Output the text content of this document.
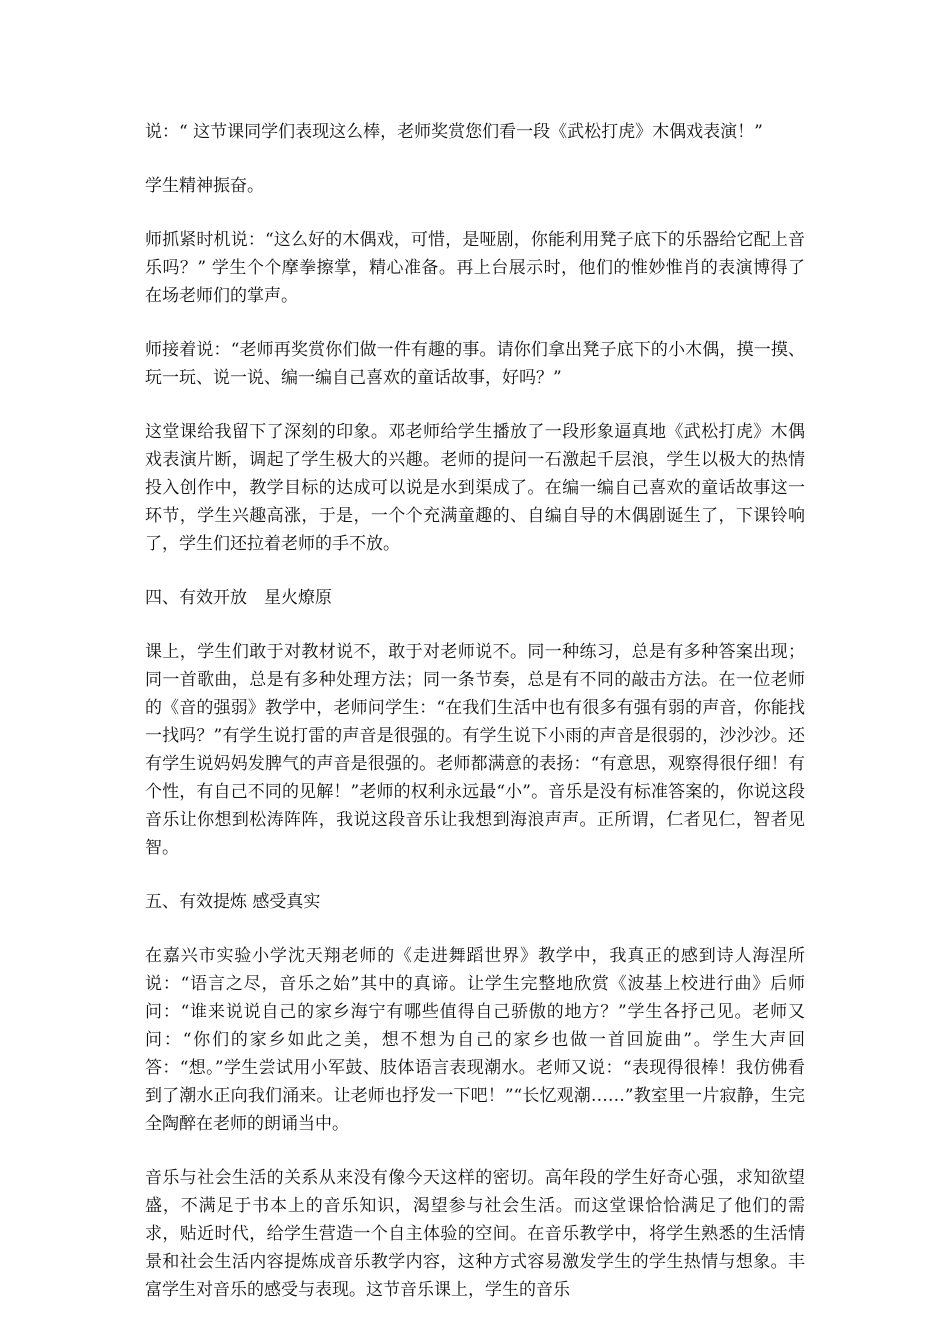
说：“ 这节课同学们表现这么棒，老师奖赏您们看一段《武松打虎》木偶戏表演！”

学生精神振奋。

师抓紧时机说：“这么好的木偶戏，可惜，是哑剧，你能利用凳子底下的乐器给它配上音乐吗？” 学生个个摩拳擦掌，精心准备。再上台展示时，他们的惟妙惟肖的表演博得了在场老师们的掌声。

师接着说：“老师再奖赏你们做一件有趣的事。请你们拿出凳子底下的小木偶，摸一摸、玩一玩、说一说、编一编自己喜欢的童话故事，好吗？”

这堂课给我留下了深刻的印象。邓老师给学生播放了一段形象逼真地《武松打虎》木偶戏表演片断，调起了学生极大的兴趣。老师的提问一石激起千层浪，学生以极大的热情投入创作中，教学目标的达成可以说是水到渠成了。在编一编自己喜欢的童话故事这一环节，学生兴趣高涨，于是，一个个充满童趣的、自编自导的木偶剧诞生了，下课铃响了，学生们还拉着老师的手不放。

四、有效开放　星火燎原

课上，学生们敢于对教材说不，敢于对老师说不。同一种练习，总是有多种答案出现；同一首歌曲，总是有多种处理方法；同一条节奏，总是有不同的敲击方法。在一位老师的《音的强弱》教学中，老师问学生：“在我们生活中也有很多有强有弱的声音，你能找一找吗？”有学生说打雷的声音是很强的。有学生说下小雨的声音是很弱的，沙沙沙。还有学生说妈妈发脾气的声音是很强的。老师都满意的表扬：“有意思，观察得很仔细！有个性，有自己不同的见解！”老师的权利永远最“小”。音乐是没有标准答案的，你说这段音乐让你想到松涛阵阵，我说这段音乐让我想到海浪声声。正所谓，仁者见仁，智者见智。

五、有效提炼 感受真实

在嘉兴市实验小学沈天翔老师的《走进舞蹈世界》教学中，我真正的感到诗人海涅所说：“语言之尽，音乐之始”其中的真谛。让学生完整地欣赏《波基上校进行曲》后师问：“谁来说说自己的家乡海宁有哪些值得自己骄傲的地方？”学生各抒己见。老师又问：“你们的家乡如此之美，想不想为自己的家乡也做一首回旋曲”。学生大声回答：“想。”学生尝试用小军鼓、肢体语言表现潮水。老师又说：“表现得很棒！我仿佛看到了潮水正向我们涌来。让老师也抒发一下吧！”“长忆观潮……”教室里一片寂静，生完全陶醉在老师的朗诵当中。

音乐与社会生活的关系从来没有像今天这样的密切。高年段的学生好奇心强，求知欲望盛，不满足于书本上的音乐知识，渴望参与社会生活。而这堂课恰恰满足了他们的需求，贴近时代，给学生营造一个自主体验的空间。在音乐教学中，将学生熟悉的生活情景和社会生活内容提炼成音乐教学内容，这种方式容易激发学生的学生热情与想象。丰富学生对音乐的感受与表现。这节音乐课上，学生的音乐
